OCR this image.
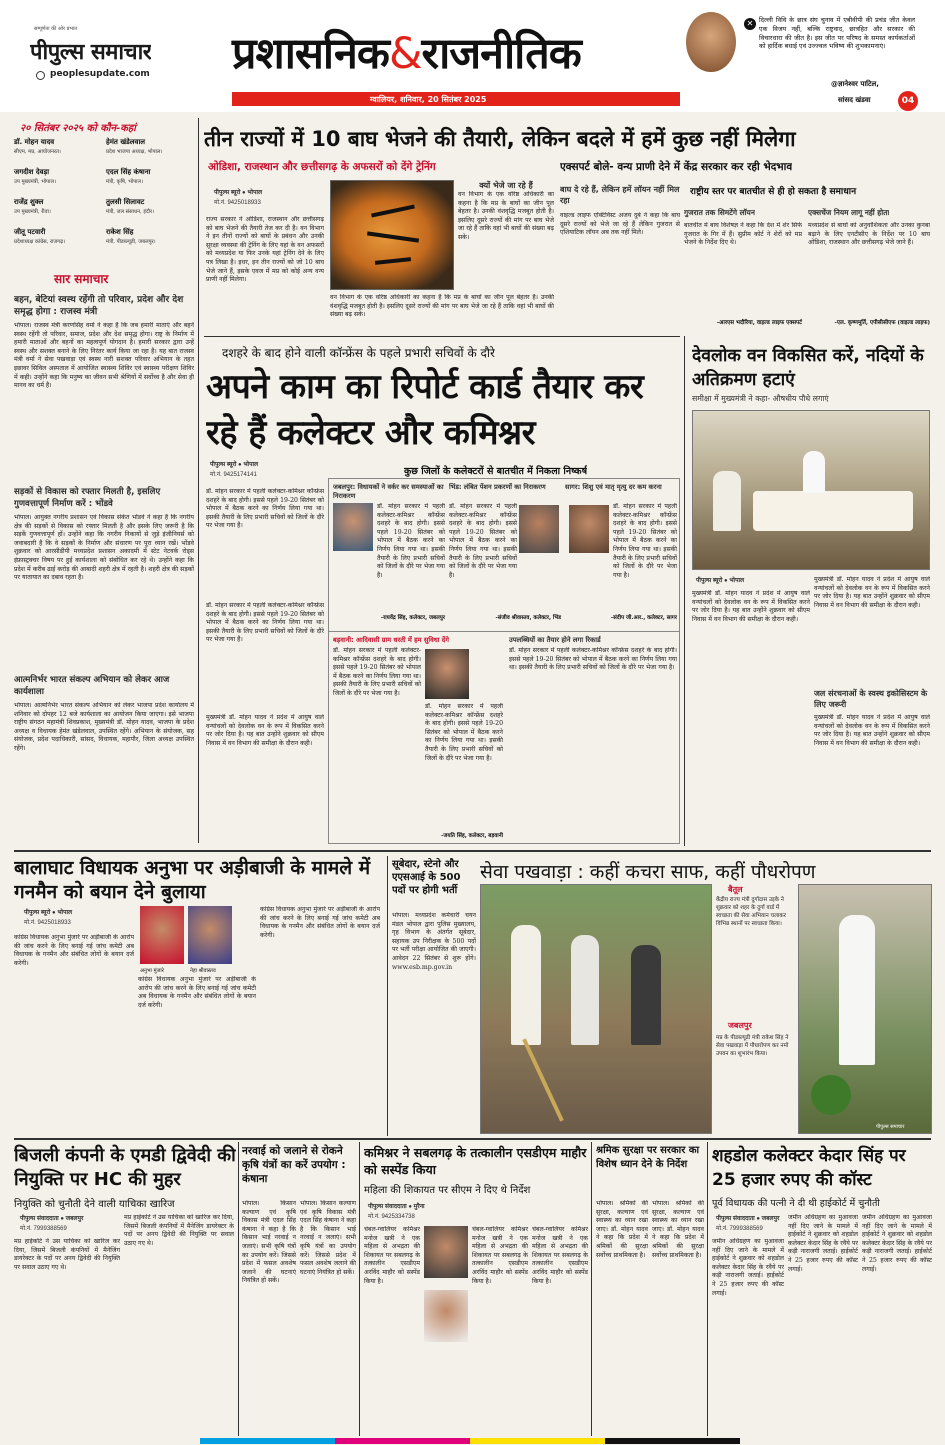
सम्पूर्णता की ओर प्रभात
पीपुल्स समाचार
peoplesupdate.com प्रशासनिक&राजनीतिक
ग्वालियर, शनिवार, 20 सितंबर 2025
✕ दिल्ली विवि के छात्र संघ चुनाव में एबीवीपी की प्रचंड जीत केवल एक विजय नहीं, बल्कि राष्ट्रवाद, छात्रहित और सरकार की विचारधारा की जीत है। इस जीत पर परिषद के समस्त कार्यकर्ताओं को हार्दिक बधाई एवं उज्ज्वल भविष्य की शुभकामनाएं।
@ज्ञानेश्वर पाटिल,
सांसद खंडवा	04
२० सितंबर २०२५ को कौन-कहां
डॉ. मोहन यादव
सीएम, मप्र, आयोजनरत।
हेमंत खंडेलवाल
प्रदेश भाजपा अध्यक्ष, भोपाल।
जगदीश देवड़ा
उप मुख्यमंत्री, भोपाल।
एदल सिंह कंषाना
मंत्री, कृषि, भोपाल।
राजेंद्र शुक्ल
उप मुख्यमंत्री, रीवा।
तुलसी सिलावट
मंत्री, जल संसाधन, इंदौर।
जीतू पटवारी
प्रदेशाध्यक्ष कांग्रेस, राजगढ़।
राकेश सिंह
मंत्री, पीडब्ल्यूडी, जबलपुर।
सार समाचार
बहन, बेटियां स्वस्थ रहेंगी तो परिवार, प्रदेश और देश समृद्ध होगा : राजस्व मंत्री
भोपाल। राजस्व मंत्री करणसिंह वर्मा ने कहा है कि जब हमारी माताएं और बहनें स्वस्थ रहेंगी तो परिवार, समाज, प्रदेश और देश समृद्ध होगा। राष्ट्र के निर्माण में हमारी माताओं और बहनों का महत्वपूर्ण योगदान है। हमारी सरकार द्वारा उन्हें स्वस्थ और सशक्त बनाने के लिए निरंतर कार्य किया जा रहा है। यह बात राजस्व मंत्री वर्मा ने सेवा पखवाड़ा एवं स्वस्थ नारी सशक्त परिवार अभियान के तहत इछावर सिविल अस्पताल में आयोजित स्वास्थ्य शिविर एवं स्वास्थ्य परीक्षण शिविर में कही। उन्होंने कहा कि मनुष्य का जीवन सभी श्रेणियों में सर्वोच्च है और सेवा ही मानव का धर्म है।
सड़कों से विकास को रफ्तार मिलती है, इसलिए गुणवत्तापूर्ण निर्माण करें : भोंडवे
भोपाल। आयुक्त नगरीय प्रशासन एवं विकास संकेत भोंडवे ने कहा है कि नगरीय क्षेत्र की सड़कों से विकास को रफ्तार मिलती है और इसके लिए जरूरी है कि सड़कें गुणवत्तापूर्ण हों। उन्होंने कहा कि नगरीय निकायों से जुड़े इंजीनियर्स को जवाबदारी है कि वे सड़कों के निर्माण और संधारण पर पूरा ध्यान रखें। भोंडवे शुक्रवार को आरसीडीपी मध्यप्रदेश प्रशासन अकादमी में स्टेट नेटवर्क रोड्स इंफ्रास्ट्रक्चर विषय पर हुई कार्यशाला को संबोधित कर रहे थे। उन्होंने कहा कि प्रदेश में करीब ढाई करोड़ की आबादी शहरी क्षेत्र में रहती है। शहरी क्षेत्र की सड़कों पर यातायात का दबाव रहता है।
आत्मनिर्भर भारत संकल्प अभियान को लेकर आज कार्यशाला
भोपाल। आत्मनिर्भर भारत संकल्प अभियान को लेकर भाजपा प्रदेश कार्यालय में शनिवार को दोपहर 12 बजे कार्यशाला का आयोजन किया जाएगा। इसे भाजपा राष्ट्रीय संगठन महामंत्री शिवप्रकाश, मुख्यमंत्री डॉ. मोहन यादव, भाजपा के प्रदेश अध्यक्ष व विधायक हेमंत खंडेलवाल, उपस्थित रहेंगे। अभियान के संयोजक, सह संयोजक, प्रदेश पदाधिकारी, सांसद, विधायक, महापौर, जिला अध्यक्ष उपस्थित रहेंगे।
तीन राज्यों में 10 बाघ भेजने की तैयारी, लेकिन बदले में हमें कुछ नहीं मिलेगा
ओडिशा, राजस्थान और छत्तीसगढ़ के अफसरों को देंगे ट्रेनिंग	एक्सपर्ट बोले- वन्य प्राणी देने में केंद्र सरकार कर रही भेदभाव
पीपुल्स ब्यूरो ● भोपाल
मो.नं. 9425018933
राज्य सरकार ने ओडिशा, राजस्थान और छत्तीसगढ़ को बाघ भेजने की तैयारी तेज कर दी है। वन विभाग ने इन तीनों राज्यों को बाघों के प्रबंधन और उनकी सुरक्षा व्यवस्था की ट्रेनिंग के लिए यहां के वन अफसरों को मध्यप्रदेश या फिर उनके यहां ट्रेनिंग देने के लिए पत्र लिखा है। इधर, इन तीन राज्यों को जो 10 बाघ भेजे जाने हैं, इसके एवज में मप्र को कोई अन्य वन्य प्राणी नहीं मिलेगा।
क्यों भेजे जा रहे हैं
वन विभाग के एक वरिष्ठ अधिकारी का कहना है कि मप्र के बाघों का जीन पूल बेहतर है। उनकी वंशवृद्धि मजबूत होती है। इसलिए दूसरे राज्यों की मांग पर बाघ भेजे जा रहे हैं ताकि वहां भी बाघों की संख्या बढ़ सके।
वन विभाग के एक वरिष्ठ अधिकारी का कहना है कि मप्र के बाघों का जीन पूल बेहतर है। उनकी वंशवृद्धि मजबूत होती है। इसलिए दूसरे राज्यों की मांग पर बाघ भेजे जा रहे हैं ताकि वहां भी बाघों की संख्या बढ़ सके।
बाघ दे रहे हैं, लेकिन हमें लॉयन नहीं मिल रहा
वाइल्ड लाइफ एक्टिविस्ट अजय दुबे ने कहा कि बाघ दूसरे राज्यों को भेजे जा रहे हैं लेकिन गुजरात से एशियाटिक लॉयन अब तक नहीं मिले।
राष्ट्रीय स्तर पर बातचीत से ही हो सकता है समाधान
गुजरात तक सिमटेंगे लॉयन	एक्सचेंज नियम लागू नहीं होता
बातचीत में बाघ विशेषज्ञ ने कहा कि देश में शेर सिर्फ गुजरात के गिर में हैं। सुप्रीम कोर्ट ने शेरों को मप्र भेजने के निर्देश दिए थे।
-आरएस भदौरिया, वाइल्ड लाइफ एक्सपर्ट
मध्यप्रदेश से बाघों को अनुवांशिकता और उनका कुनबा बढ़ाने के लिए एनटीसीए के निर्देश पर 10 बाघ ओडिशा, राजस्थान और छत्तीसगढ़ भेजे जाने हैं।
-एल. कृष्णमूर्ति, एपीसीसीएफ (वाइल्ड लाइफ)
दशहरे के बाद होने वाली कॉन्फ्रेंस के पहले प्रभारी सचिवों के दौरे
अपने काम का रिपोर्ट कार्ड तैयार कर रहे हैं कलेक्टर और कमिश्नर
पीपुल्स ब्यूरो ● भोपाल
मो.नं. 9425174141	कुछ जिलों के कलेक्टरों से बातचीत में निकला निष्कर्ष
डॉ. मोहन सरकार में पहली कलेक्टर-कमिश्नर कॉन्फ्रेंस दशहरे के बाद होगी। इससे पहले 19-20 सितंबर को भोपाल में बैठक करने का निर्णय लिया गया था। इसकी तैयारी के लिए प्रभारी सचिवों को जिलों के दौरे पर भेजा गया है।
डॉ. मोहन सरकार में पहली कलेक्टर-कमिश्नर कॉन्फ्रेंस दशहरे के बाद होगी। इससे पहले 19-20 सितंबर को भोपाल में बैठक करने का निर्णय लिया गया था। इसकी तैयारी के लिए प्रभारी सचिवों को जिलों के दौरे पर भेजा गया है।
मुख्यमंत्री डॉ. मोहन यादव ने प्रदेश में आयुष वाले वन्यांचलों को देवलोक वन के रूप में विकसित करने पर जोर दिया है। यह बात उन्होंने शुक्रवार को सीएम निवास में वन विभाग की समीक्षा के दौरान कही।
जबलपुर: विधायकों ने वर्कर कर समस्याओं का निराकरण
डॉ. मोहन सरकार में पहली कलेक्टर-कमिश्नर कॉन्फ्रेंस दशहरे के बाद होगी। इससे पहले 19-20 सितंबर को भोपाल में बैठक करने का निर्णय लिया गया था। इसकी तैयारी के लिए प्रभारी सचिवों को जिलों के दौरे पर भेजा गया है।
-राघवेंद्र सिंह, कलेक्टर, जबलपुर
भिंड: लंबित पेंशन प्रकरणों का निराकरण
डॉ. मोहन सरकार में पहली कलेक्टर-कमिश्नर कॉन्फ्रेंस दशहरे के बाद होगी। इससे पहले 19-20 सितंबर को भोपाल में बैठक करने का निर्णय लिया गया था। इसकी तैयारी के लिए प्रभारी सचिवों को जिलों के दौरे पर भेजा गया है।
-संजीव श्रीवास्तव, कलेक्टर, भिंड
सागर: शिशु एवं मातृ मृत्यु दर कम करना
डॉ. मोहन सरकार में पहली कलेक्टर-कमिश्नर कॉन्फ्रेंस दशहरे के बाद होगी। इससे पहले 19-20 सितंबर को भोपाल में बैठक करने का निर्णय लिया गया था। इसकी तैयारी के लिए प्रभारी सचिवों को जिलों के दौरे पर भेजा गया है।
-संदीप जी.आर., कलेक्टर, सागर
बड़वानी: आदिवासी ग्राम धरती में हम सुविधा देंगे
डॉ. मोहन सरकार में पहली कलेक्टर-कमिश्नर कॉन्फ्रेंस दशहरे के बाद होगी। इससे पहले 19-20 सितंबर को भोपाल में बैठक करने का निर्णय लिया गया था। इसकी तैयारी के लिए प्रभारी सचिवों को जिलों के दौरे पर भेजा गया है।
डॉ. मोहन सरकार में पहली कलेक्टर-कमिश्नर कॉन्फ्रेंस दशहरे के बाद होगी। इससे पहले 19-20 सितंबर को भोपाल में बैठक करने का निर्णय लिया गया था। इसकी तैयारी के लिए प्रभारी सचिवों को जिलों के दौरे पर भेजा गया है।
-जयति सिंह, कलेक्टर, बड़वानी
उपलब्धियों का तैयार होने लगा रिकार्ड
डॉ. मोहन सरकार में पहली कलेक्टर-कमिश्नर कॉन्फ्रेंस दशहरे के बाद होगी। इससे पहले 19-20 सितंबर को भोपाल में बैठक करने का निर्णय लिया गया था। इसकी तैयारी के लिए प्रभारी सचिवों को जिलों के दौरे पर भेजा गया है।
देवलोक वन विकसित करें, नदियों के अतिक्रमण हटाएं
समीक्षा में मुख्यमंत्री ने कहा- औषधीय पौधे लगाएं
पीपुल्स ब्यूरो ● भोपाल
मुख्यमंत्री डॉ. मोहन यादव ने प्रदेश में आयुष वाले वन्यांचलों को देवलोक वन के रूप में विकसित करने पर जोर दिया है। यह बात उन्होंने शुक्रवार को सीएम निवास में वन विभाग की समीक्षा के दौरान कही।
मुख्यमंत्री डॉ. मोहन यादव ने प्रदेश में आयुष वाले वन्यांचलों को देवलोक वन के रूप में विकसित करने पर जोर दिया है। यह बात उन्होंने शुक्रवार को सीएम निवास में वन विभाग की समीक्षा के दौरान कही।
जल संरचनाओं के स्वस्थ इकोसिस्टम के लिए जरूरी
मुख्यमंत्री डॉ. मोहन यादव ने प्रदेश में आयुष वाले वन्यांचलों को देवलोक वन के रूप में विकसित करने पर जोर दिया है। यह बात उन्होंने शुक्रवार को सीएम निवास में वन विभाग की समीक्षा के दौरान कही।
बालाघाट विधायक अनुभा पर अड़ीबाजी के मामले में गनमैन को बयान देने बुलाया
पीपुल्स ब्यूरो ● भोपाल
मो.नं. 9425018933
अनुभा मुंजारे	नेहा श्रीवास्तव
कांग्रेस विधायक अनुभा मुंजारे पर अड़ीबाजी के आरोप की जांच करने के लिए बनाई गई जांच कमेटी अब विधायक के गनमैन और संबंधित लोगों के बयान दर्ज करेगी।
कांग्रेस विधायक अनुभा मुंजारे पर अड़ीबाजी के आरोप की जांच करने के लिए बनाई गई जांच कमेटी अब विधायक के गनमैन और संबंधित लोगों के बयान दर्ज करेगी।
कांग्रेस विधायक अनुभा मुंजारे पर अड़ीबाजी के आरोप की जांच करने के लिए बनाई गई जांच कमेटी अब विधायक के गनमैन और संबंधित लोगों के बयान दर्ज करेगी।
सूबेदार, स्टेनो और एएसआई के 500 पदों पर होगी भर्ती
भोपाल। मध्यप्रदेश कर्मचारी चयन मंडल भोपाल द्वारा पुलिस मुख्यालय, गृह विभाग के अंतर्गत सूबेदार, सहायक उप निरीक्षक के 500 पदों पर भर्ती परीक्षा आयोजित की जाएगी। आवेदन 22 सितंबर से शुरू होंगे। www.esb.mp.gov.in
सेवा पखवाड़ा : कहीं कचरा साफ, कहीं पौधरोपण
बैतूल
केंद्रीय राज्य मंत्री दुर्गादास उइके ने शुक्रवार को शहर के दुर्गा वार्ड में स्वच्छता की सेवा अभियान चलाकर विभिन्न स्थानों पर स्वच्छता किया।
जबलपुर
मप्र के पीडब्ल्यूडी मंत्री राकेश सिंह ने सेवा पखवाड़ा में पौधारोपण कर नमो उपवन का शुभारंभ किया।
पीपुल्स समाचार
बिजली कंपनी के एमडी द्विवेदी की नियुक्ति पर HC की मुहर
नियुक्ति को चुनौती देने वाली याचिका खारिज
पीपुल्स संवाददाता ● जबलपुर
मो.नं. 7999388569
मप्र हाईकोर्ट ने उस याचिका को खारिज कर दिया, जिसमें बिजली कंपनियों में मैनेजिंग डायरेक्टर के पदों पर अनय द्विवेदी की नियुक्ति पर सवाल उठाए गए थे।
मप्र हाईकोर्ट ने उस याचिका को खारिज कर दिया, जिसमें बिजली कंपनियों में मैनेजिंग डायरेक्टर के पदों पर अनय द्विवेदी की नियुक्ति पर सवाल उठाए गए थे।
नरवाई को जलाने से रोकने कृषि यंत्रों का करें उपयोग : कंषाना
भोपाल। किसान कल्याण एवं कृषि विकास मंत्री एदल सिंह कंषाना ने कहा है कि किसान भाई नरवाई न जलाएं। सभी कृषि यंत्रों का उपयोग करें। जिससे प्रदेश में फसल अवशेष जलाने की घटनाएं नियंत्रित हो सकें।
भोपाल। किसान कल्याण एवं कृषि विकास मंत्री एदल सिंह कंषाना ने कहा है कि किसान भाई नरवाई न जलाएं। सभी कृषि यंत्रों का उपयोग करें। जिससे प्रदेश में फसल अवशेष जलाने की घटनाएं नियंत्रित हो सकें।
कमिश्नर ने सबलगढ़ के तत्कालीन एसडीएम माहौर को सस्पेंड किया
महिला की शिकायत पर सीएम ने दिए थे निर्देश
पीपुल्स संवाददाता ● मुरैना
मो.नं. 9425334738
चंबल-ग्वालियर कमिश्नर मनोज खत्री ने एक महिला से अभद्रता की शिकायत पर सबलगढ़ के तत्कालीन एसडीएम अरविंद माहौर को सस्पेंड किया है।
चंबल-ग्वालियर कमिश्नर मनोज खत्री ने एक महिला से अभद्रता की शिकायत पर सबलगढ़ के तत्कालीन एसडीएम अरविंद माहौर को सस्पेंड किया है।
चंबल-ग्वालियर कमिश्नर मनोज खत्री ने एक महिला से अभद्रता की शिकायत पर सबलगढ़ के तत्कालीन एसडीएम अरविंद माहौर को सस्पेंड किया है।
श्रमिक सुरक्षा पर सरकार का विशेष ध्यान देने के निर्देश
भोपाल। श्रमिकों की सुरक्षा, कल्याण एवं स्वास्थ्य का ध्यान रखा जाए। डॉ. मोहन यादव ने कहा कि प्रदेश में श्रमिकों की सुरक्षा सर्वोच्च प्राथमिकता है।
भोपाल। श्रमिकों की सुरक्षा, कल्याण एवं स्वास्थ्य का ध्यान रखा जाए। डॉ. मोहन यादव ने कहा कि प्रदेश में श्रमिकों की सुरक्षा सर्वोच्च प्राथमिकता है।
शहडोल कलेक्टर केदार सिंह पर 25 हजार रुपए की कॉस्ट
पूर्व विधायक की पत्नी ने दी थी हाईकोर्ट में चुनौती
पीपुल्स संवाददाता ● जबलपुर
मो.नं. 7999388569
जमीन अधिग्रहण का मुआवजा नहीं दिए जाने के मामले में हाईकोर्ट ने शुक्रवार को शहडोल कलेक्टर केदार सिंह के रवैये पर कड़ी नाराजगी जताई। हाईकोर्ट ने 25 हजार रुपए की कॉस्ट लगाई।
जमीन अधिग्रहण का मुआवजा नहीं दिए जाने के मामले में हाईकोर्ट ने शुक्रवार को शहडोल कलेक्टर केदार सिंह के रवैये पर कड़ी नाराजगी जताई। हाईकोर्ट ने 25 हजार रुपए की कॉस्ट लगाई।
जमीन अधिग्रहण का मुआवजा नहीं दिए जाने के मामले में हाईकोर्ट ने शुक्रवार को शहडोल कलेक्टर केदार सिंह के रवैये पर कड़ी नाराजगी जताई। हाईकोर्ट ने 25 हजार रुपए की कॉस्ट लगाई।
